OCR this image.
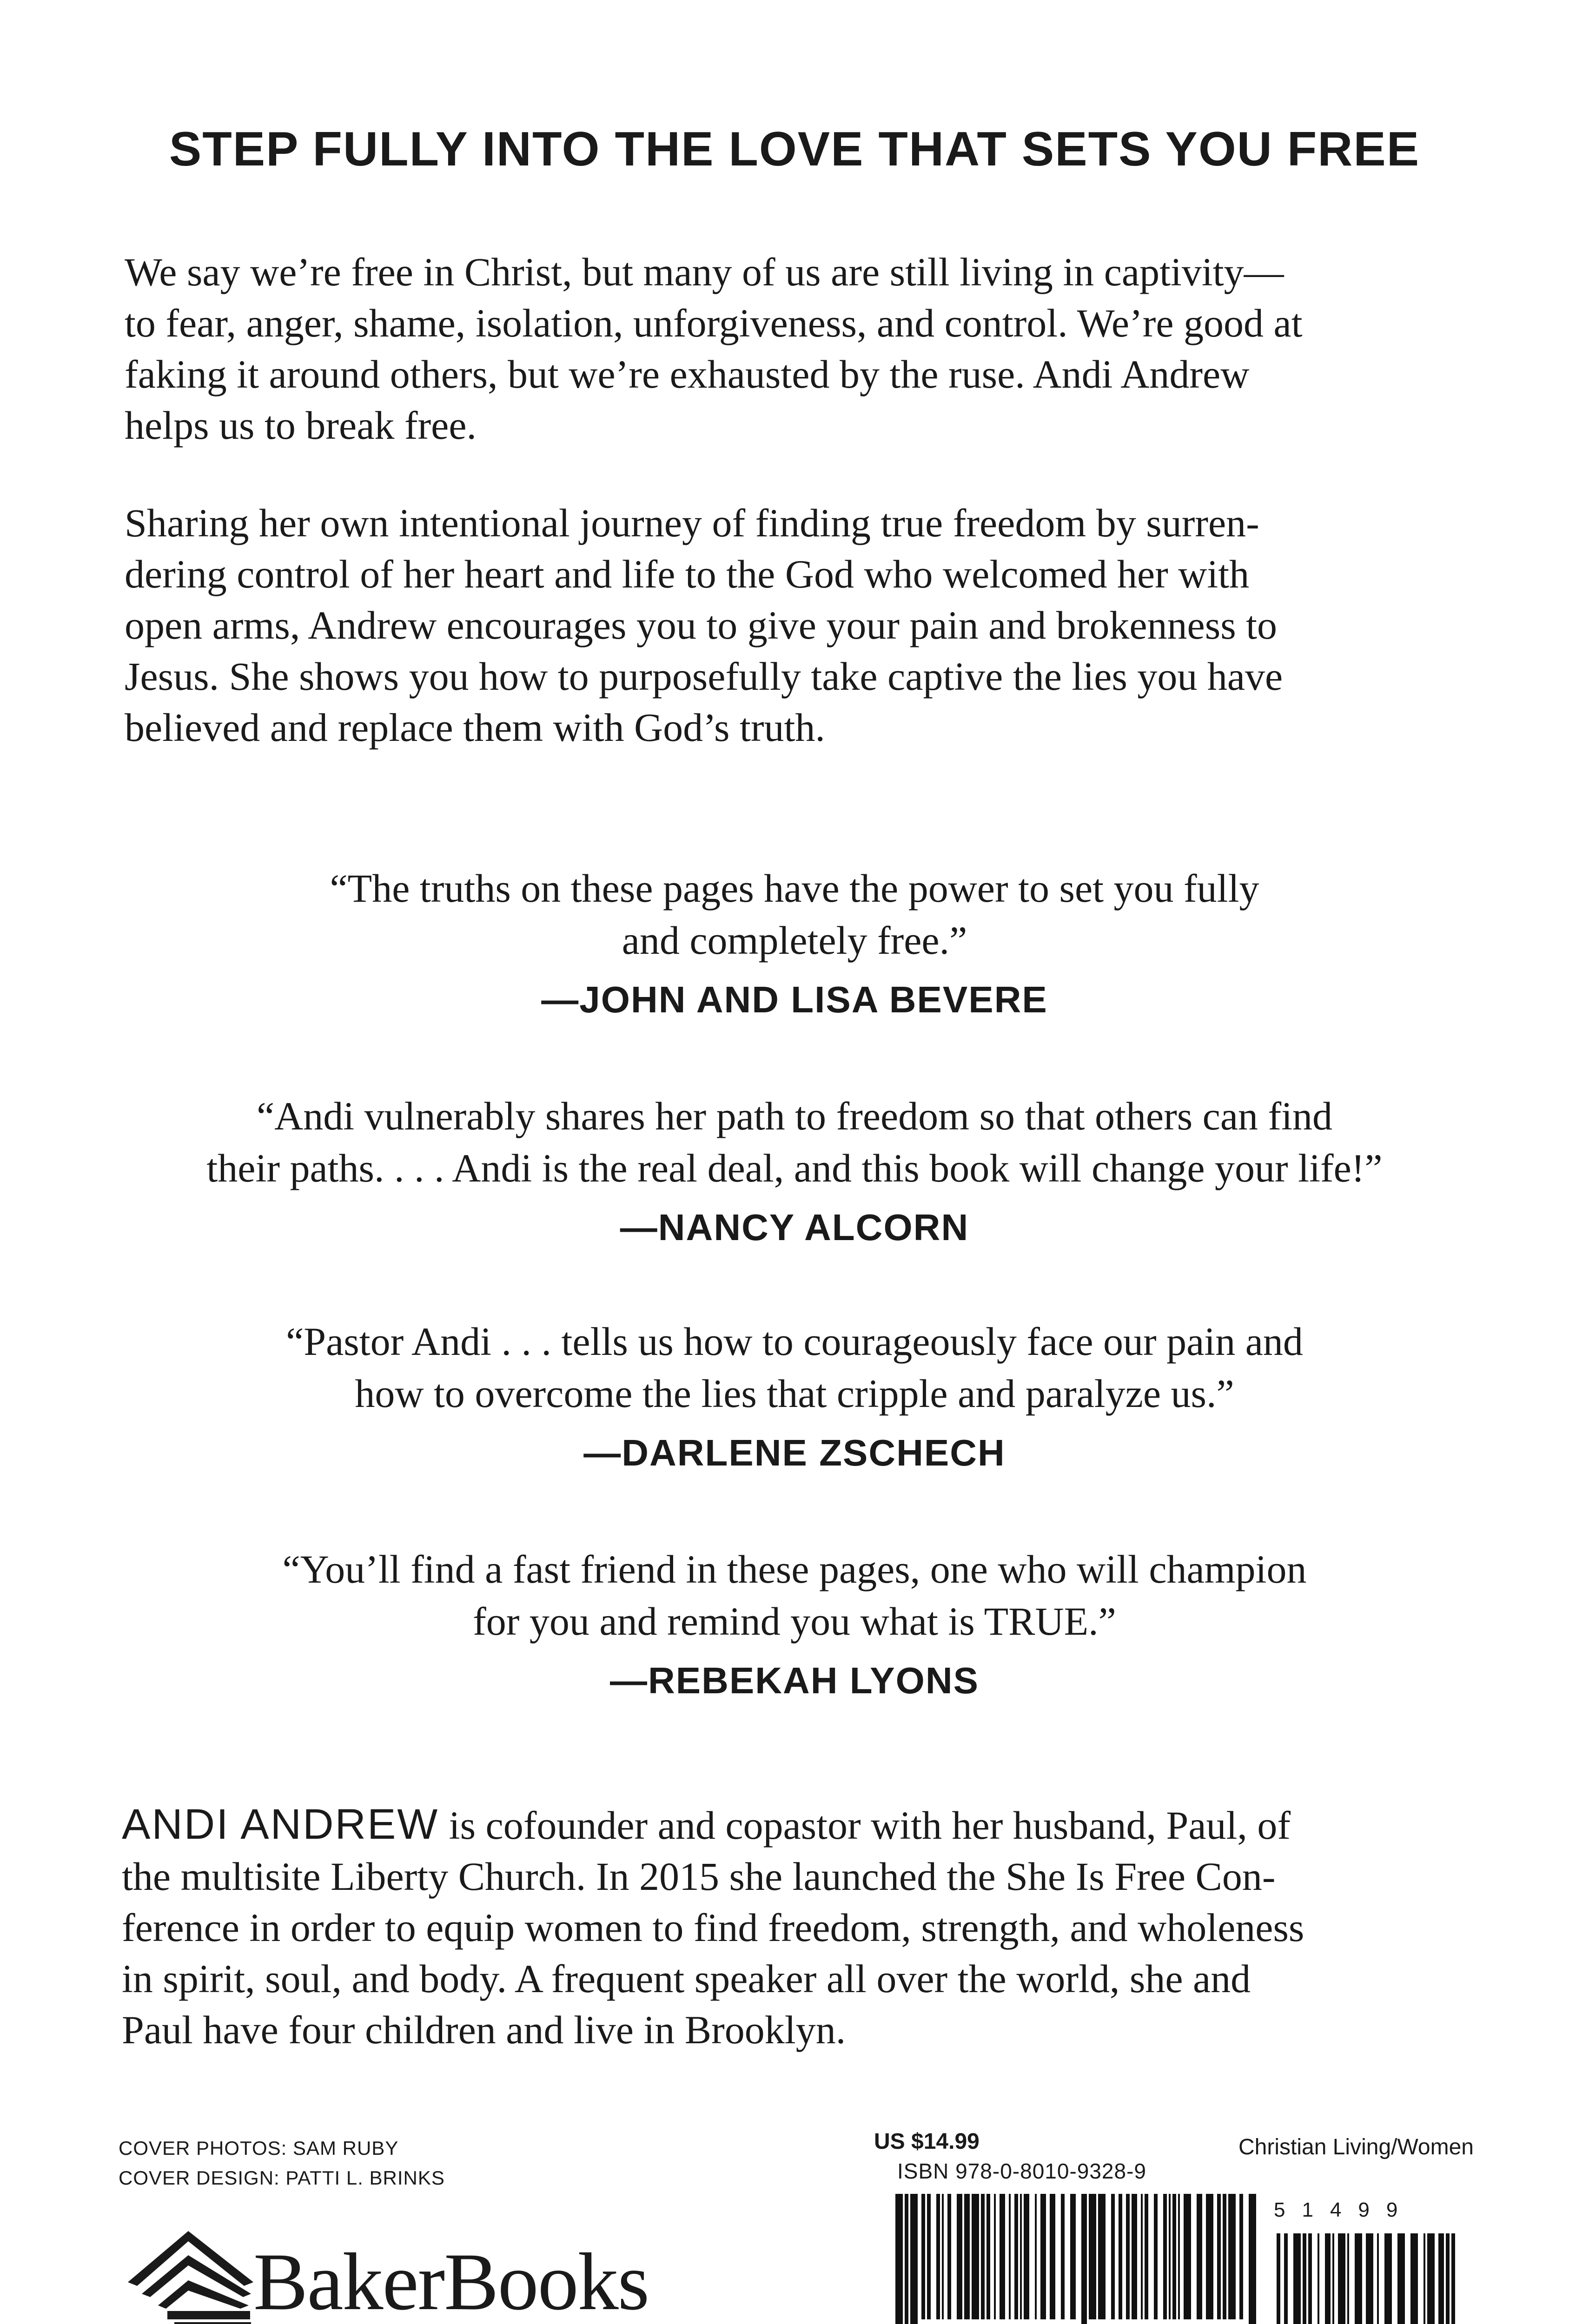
STEP FULLY INTO THE LOVE THAT SETS YOU FREE
We say we’re free in Christ, but many of us are still living in captivity—
to fear, anger, shame, isolation, unforgiveness, and control. We’re good at
faking it around others, but we’re exhausted by the ruse. Andi Andrew
helps us to break free.
Sharing her own intentional journey of finding true freedom by surren-
dering control of her heart and life to the God who welcomed her with
open arms, Andrew encourages you to give your pain and brokenness to
Jesus. She shows you how to purposefully take captive the lies you have
believed and replace them with God’s truth.
“The truths on these pages have the power to set you fully
and completely free.”
—JOHN AND LISA BEVERE
“Andi vulnerably shares her path to freedom so that others can find
their paths. . . . Andi is the real deal, and this book will change your life!”
—NANCY ALCORN
“Pastor Andi . . . tells us how to courageously face our pain and
how to overcome the lies that cripple and paralyze us.”
—DARLENE ZSCHECH
“You’ll find a fast friend in these pages, one who will champion
for you and remind you what is TRUE.”
—REBEKAH LYONS
ANDI ANDREW is cofounder and copastor with her husband, Paul, of
the multisite Liberty Church. In 2015 she launched the She Is Free Con-
ference in order to equip women to find freedom, strength, and wholeness
in spirit, soul, and body. A frequent speaker all over the world, she and
Paul have four children and live in Brooklyn.
COVER PHOTOS: SAM RUBY
COVER DESIGN: PATTI L. BRINKS
BakerBooks
US $14.99	Christian Living/Women
ISBN 978-0-8010-9328-9
51499
